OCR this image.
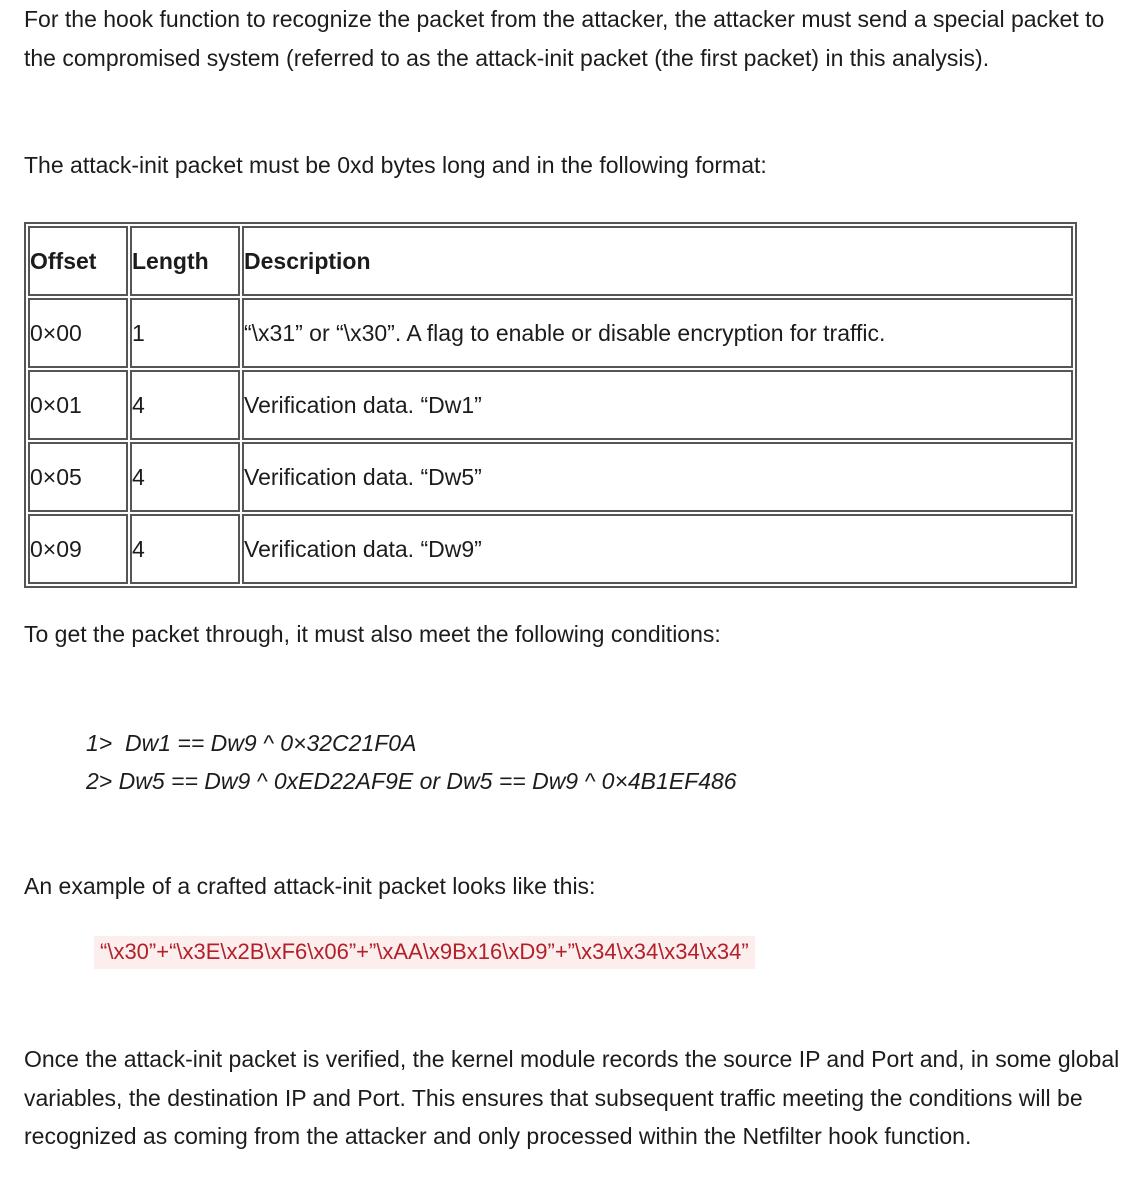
For the hook function to recognize the packet from the attacker, the attacker must send a special packet to the compromised system (referred to as the attack-init packet (the first packet) in this analysis).

The attack-init packet must be 0xd bytes long and in the following format:

Offset	Length	Description
0×00	1	“\x31” or “\x30”. A flag to enable or disable encryption for traffic.
0×01	4	Verification data. “Dw1”
0×05	4	Verification data. “Dw5”
0×09	4	Verification data. “Dw9”

To get the packet through, it must also meet the following conditions:

1>  Dw1 == Dw9 ^ 0×32C21F0A
2> Dw5 == Dw9 ^ 0xED22AF9E or Dw5 == Dw9 ^ 0×4B1EF486

An example of a crafted attack-init packet looks like this:

“\x30”+“\x3E\x2B\xF6\x06”+”\xAA\x9Bx16\xD9”+”\x34\x34\x34\x34”

Once the attack-init packet is verified, the kernel module records the source IP and Port and, in some global variables, the destination IP and Port. This ensures that subsequent traffic meeting the conditions will be recognized as coming from the attacker and only processed within the Netfilter hook function.
